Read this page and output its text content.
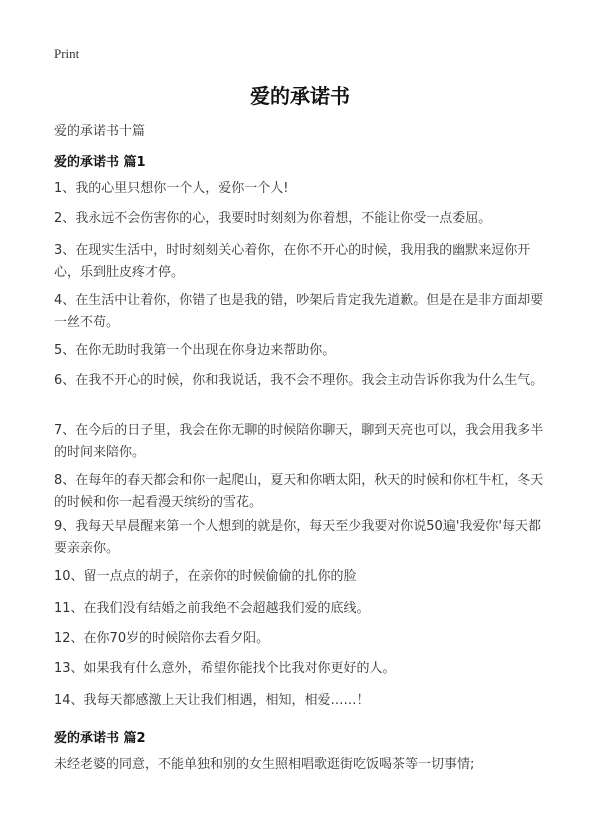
Print
爱的承诺书

爱的承诺书十篇

爱的承诺书 篇1

1、我的心里只想你一个人，爱你一个人!

2、我永远不会伤害你的心，我要时时刻刻为你着想，不能让你受一点委屈。

3、在现实生活中，时时刻刻关心着你，在你不开心的时候，我用我的幽默来逗你开心，乐到肚皮疼才停。

4、在生活中让着你，你错了也是我的错，吵架后肯定我先道歉。但是在是非方面却要一丝不苟。

5、在你无助时我第一个出现在你身边来帮助你。

6、在我不开心的时候，你和我说话，我不会不理你。我会主动告诉你我为什么生气。

7、在今后的日子里，我会在你无聊的时候陪你聊天，聊到天亮也可以，我会用我多半的时间来陪你。

8、在每年的春天都会和你一起爬山，夏天和你晒太阳，秋天的时候和你杠牛杠，冬天的时候和你一起看漫天缤纷的雪花。

9、我每天早晨醒来第一个人想到的就是你，每天至少我要对你说50遍'我爱你'每天都要亲亲你。

10、留一点点的胡子，在亲你的时候偷偷的扎你的脸

11、在我们没有结婚之前我绝不会超越我们爱的底线。

12、在你70岁的时候陪你去看夕阳。

13、如果我有什么意外，希望你能找个比我对你更好的人。

14、我每天都感激上天让我们相遇，相知，相爱……！

爱的承诺书 篇2

未经老婆的同意，不能单独和别的女生照相唱歌逛街吃饭喝茶等一切事情;
